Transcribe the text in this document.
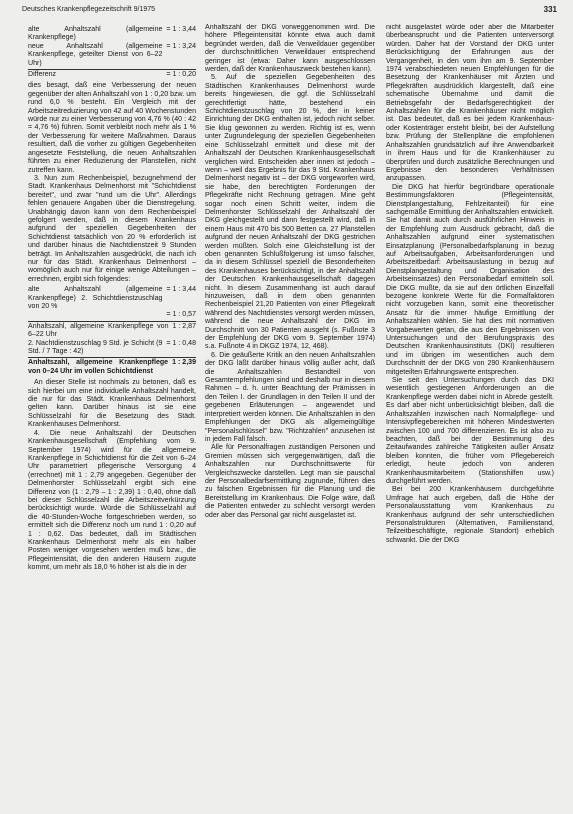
Deutsches Krankenpflegezeitschrift 9/1975	331
alte Anhaltszahl (allgemeine Krankenpflege)
= 1 : 3,44
neue Anhaltszahl (allgemeine Krankenpflege, geteilter Dienst von 6–22 Uhr)
= 1 : 3,24
Differenz	= 1 : 0,20

dies besagt, daß eine Verbesserung der neuen gegenüber der alten Anhaltszahl von 1 : 0,20 bzw. um rund 6,0 % besteht. Ein Vergleich mit der Arbeitszeitreduzierung von 42 auf 40 Wochenstunden würde nur zu einer Verbesserung von 4,76 % (40 : 42 = 4,76 %) führen. Somit verbleibt noch mehr als 1 % der Verbesserung für weitere Maßnahmen. Daraus resultiert, daß die vorher zu gültigen Gegebenheiten angesetzte Feststellung, die neuen Anhaltszahlen führten zu einer Reduzierung der Planstellen, nicht zutreffen kann.

3. Nun zum Rechenbeispiel, bezugnehmend der Stadt. Krankenhaus Delmenhorst mit "Schichtdienst bereitet", und zwar "rund um die Uhr". Allerdings fehlen genauere Angaben über die Dienstregelung. Unabhängig davon kann von dem Rechenbeispiel gefolgert werden, daß in diesem Krankenhaus aufgrund der speziellen Gegebenheiten der Schichtdienst tatsächlich von 20 % erforderlich ist und darüber hinaus die Nachtdienstzeit 9 Stunden beträgt. Im Anhaltszahlen ausgedrückt, die nach ich nur für das Städt. Krankenhaus Delmenhorst – womöglich auch nur für einige wenige Abteilungen – errechnen, ergibt sich folgendes:

alte Anhaltszahl (allgemeine Krankenpflege) 2. Schichtdienstzuschlag von 20 %
= 1 : 3,44
= 1 : 0,57
Anhaltszahl, allgemeine Krankenpflege von 6–22 Uhr
1 : 2,87
2. Nachtdienstzuschlag 9 Std. je Schicht (9 Std. / 7 Tage : 42)
= 1 : 0,48
Anhaltszahl, allgemeine Krankenpflege von 0–24 Uhr im vollen Schichtdienst
1 : 2,39

An dieser Stelle ist nochmals zu betonen, daß es sich hierbei um eine individuelle Anhaltszahl handelt, die nur für das Städt. Krankenhaus Delmenhorst gelten kann. Darüber hinaus ist sie eine Schlüsselzahl für die Besetzung des Städt. Krankenhauses Delmenhorst.

4. Die neue Anhaltszahl der Deutschen Krankenhausgesellschaft (Empfehlung vom 9. September 1974) wird für die allgemeine Krankenpflege in Schichtdienst für die Zeit von 6–24 Uhr parametriert pflegerische Versorgung 4 (errechnet) mit 1 : 2,79 angegeben. Gegenüber der Delmenhorster Schlüsselzahl ergibt sich eine Differenz von (1 : 2,79 – 1 : 2,39) 1 : 0,40, ohne daß bei dieser Schlüsselzahl die Arbeitszeitverkürzung berücksichtigt wurde. Würde die Schlüsselzahl auf die 40-Stunden-Woche fortgeschrieben werden, so ermittelt sich die Differenz noch um rund 1 : 0,20 auf 1 : 0,62. Das bedeutet, daß im Städtischen Krankenhaus Delmenhorst mehr als ein halber Posten weniger vorgesehen werden muß bzw., die Pflegeintensität, die den anderen Häusern zugute kommt, um mehr als 18,0 % höher ist als die in der

Anhaltszahl der DKG vorweggenommen wird. Die höhere Pflegeintensität könnte etwa auch damit begründet werden, daß die Verweildauer gegenüber der durchschnittlichen Verweildauer entsprechend geringer ist (etwa: Daher kann ausgeschlossen werden, daß der Krankenhauszweck bestehen kann).

5. Auf die speziellen Gegebenheiten des Städtischen Krankenhauses Delmenhorst wurde bereits hingewiesen, die ggf. die Schlüsselzahl gerechtfertigt hätte, bestehend ein Schichtdienstzuschlag von 20 %, der in keiner Einrichtung der DKG enthalten ist, jedoch nicht selber. Sie klug gewonnen zu werden. Richtig ist es, wenn unter Zugrundelegung der speziellen Gegebenheiten eine Schlüsselzahl ermittelt und diese mit der Anhaltszahl der Deutschen Krankenhausgesellschaft verglichen wird. Entscheiden aber innen ist jedoch – wenn – weil das Ergebnis für das 9 Std. Krankenhaus Delmenhorst negativ ist – der DKG vorgeworfen wird, sie habe, den berechtigten Forderungen der Pflegekräfte nicht Rechnung getragen. Mine geht sogar noch einen Schritt weiter, indem die Delmenhorster Schlüsselzahl der Anhaltszahl der DKG gleichgestellt und dann festgestellt wird, daß in einem Haus mit 470 bis 500 Betten ca. 27 Planstellen aufgrund der neuen Anhaltszahl der DKG gestrichen werden müßten. Solch eine Gleichstellung ist der oben genannten Schlußfolgerung ist umso falscher, da in diesem Schlüssel speziell die Besonderheiten des Krankenhauses berücksichtigt, in der Anhaltszahl der Deutschen Krankenhausgesellschaft dagegen nicht. In diesem Zusammenhang ist auch darauf hinzuweisen, daß in dem oben genannten Rechenbeispiel 21,20 Patienten von einer Pflegekraft während des Nachtdienstes versorgt werden müssen, während die neue Anhaltszahl der DKG im Durchschnitt von 30 Patienten ausgeht (s. Fußnote 3 der Empfehlung der DKG vom 9. September 1974) s.a. Fußnote 4 in DKGZ 1974, 12, 468).

6. Die geäußerte Kritik an den neuen Anhaltszahlen der DKG läßt darüber hinaus völlig außer acht, daß die Anhaltszahlen Bestandteil von Gesamtempfehlungen sind und deshalb nur in diesem Rahmen – d. h. unter Beachtung der Prämissen in den Teilen I. der Grundlagen in den Teilen II und der gegebenen Erläuterungen – angewendet und interpretiert werden können. Die Anhaltszahlen in den Empfehlungen der DKG als allgemeingültige "Personalschlüssel" bzw. "Richtzahlen" anzusehen ist in jedem Fall falsch.

Alle für Personalfragen zuständigen Personen und Gremien müssen sich vergegenwärtigen, daß die Anhaltszahlen nur Durchschnittswerte für Vergleichszwecke darstellen. Legt man sie pauschal der Personalbedarfsermittlung zugrunde, führen dies zu falschen Ergebnissen für die Planung und die Bereitstellung im Krankenhaus. Die Folge wäre, daß die Patienten entweder zu schlecht versorgt werden oder aber das Personal gar nicht ausgelastet ist.

nicht ausgelastet würde oder aber die Mitarbeiter überbeansprucht und die Patienten unterversorgt würden. Daher hat der Vorstand der DKG unter Berücksichtigung der Erfahrungen aus der Vergangenheit, in den vom ihm am 9. September 1974 verabschiedeten neuen Empfehlungen für die Besetzung der Krankenhäuser mit Ärzten und Pflegekräften ausdrücklich klargestellt, daß eine schematische Übernahme und damit die Betriebsgefahr der Bedarfsgerechtigkeit der Anhaltszahlen für die Krankenhäuser nicht möglich ist. Das bedeutet, daß es bei jedem Krankenhaus- oder Kostenträger ersteht bleibt, bei der Aufstellung bzw. Prüfung der Stellenpläne die empfohlenen Anhaltszahlen grundsätzlich auf ihre Anwendbarkeit in ihrem Haus und für die Krankenhäuser zu überprüfen und durch zusätzliche Berechnungen und Ergebnisse den besonderen Verhältnissen anzupassen.

Die DKG hat hierfür begründbare operationale Bestimmungsfaktoren (Pflegeintensität, Dienstplangestaltung, Fehlzeitanteil) für eine sachgemäße Ermittlung der Anhaltszahlen entwickelt. Sie hat damit auch durch ausführlichen Hinweis in der Empfehlung zum Ausdruck gebracht, daß die Anhaltszahlen aufgrund einer systematischen Einsatzplanung (Personalbedarfsplanung in bezug auf Arbeitsaufgaben, Arbeitsanforderungen und Arbeitszeitbedarf: Arbeitsauslastung in bezug auf Dienstplangestaltung und Organisation des Arbeitseinsatzes) den Personalbedarf ermitteln soll. Die DKG mußte, da sie auf den örtlichen Einzelfall bezogene konkrete Werte für die Formalfaktoren nicht vorzugeben kann, somit eine theoretischer Ansatz für die immer häufige Ermittlung der Anhaltszahlen wählen. Sie hat dies mit normativen Vorgabewerten getan, die aus den Ergebnissen von Untersuchungen und der Berufungspraxis des Deutschen Krankenhausinstituts (DKI) resultieren und im übrigen im wesentlichen auch dem Durchschnitt der der DKG von 290 Krankenhäusern mitgeteilten Erfahrungswerte entsprechen.

Sie seit den Untersuchungen durch das DKI wesentlich gestiegenen Anforderungen an die Krankenpflege werden dabei nicht in Abrede gestellt. Es darf aber nicht unberücksichtigt bleiben, daß die Anhaltszahlen inzwischen nach Normalpflege- und Intensivpflegebereichen mit höheren Mindestwerten zwischen 100 und 700 differenzieren. Es ist also zu beachten, daß bei der Bestimmung des Zeitaufwandes zahlreiche Tätigkeiten außer Ansatz bleiben konnten, die früher vom Pflegebereich erledigt, heute jedoch von anderen Krankenhausmitarbeitern (Stationshilfen usw.) durchgeführt werden.

Bei bei 200 Krankenhäusern durchgeführte Umfrage hat auch ergeben, daß die Höhe der Personalausstattung vom Krankenhaus zu Krankenhaus aufgrund der sehr unterschiedlichen Personalstrukturen (Alternativen, Familienstand, Teilzeitbeschäftigte, regionale Standort) erheblich schwankt. Die der DKG
